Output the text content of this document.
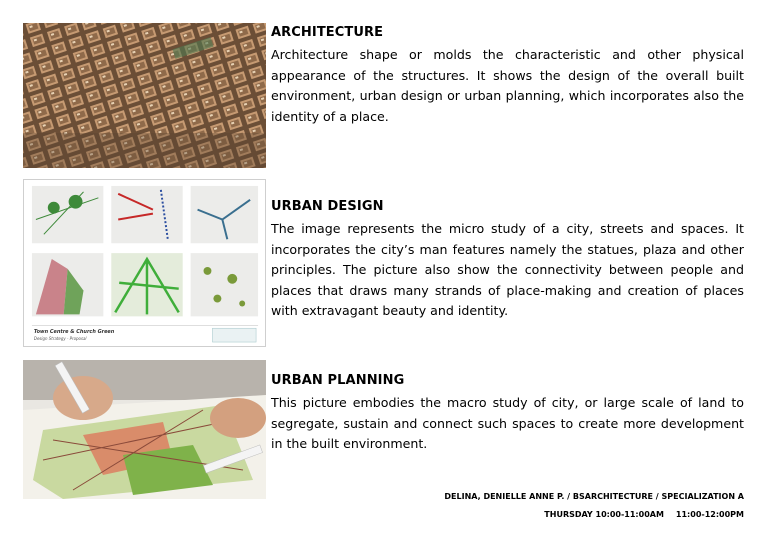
ARCHITECTURE

Architecture shape or molds the characteristic and other physical appearance of the structures. It shows the design of the overall built environment, urban design or urban planning, which incorporates also the identity of a place.

Town Centre & Church Green
Design Strategy - Proposal

URBAN DESIGN

The image represents the micro study of a city, streets and spaces. It incorporates the city’s man features namely the statues, plaza and other principles. The picture also show the connectivity between people and places that draws many strands of place-making and creation of places with extravagant beauty and identity.

URBAN PLANNING

This picture embodies the macro study of city, or large scale of land to segregate, sustain and connect such spaces to create more development in the built environment.

DELINA, DENIELLE ANNE P. / BSARCHITECTURE / SPECIALIZATION A
THURSDAY 10:00-11:00AM 11:00-12:00PM
